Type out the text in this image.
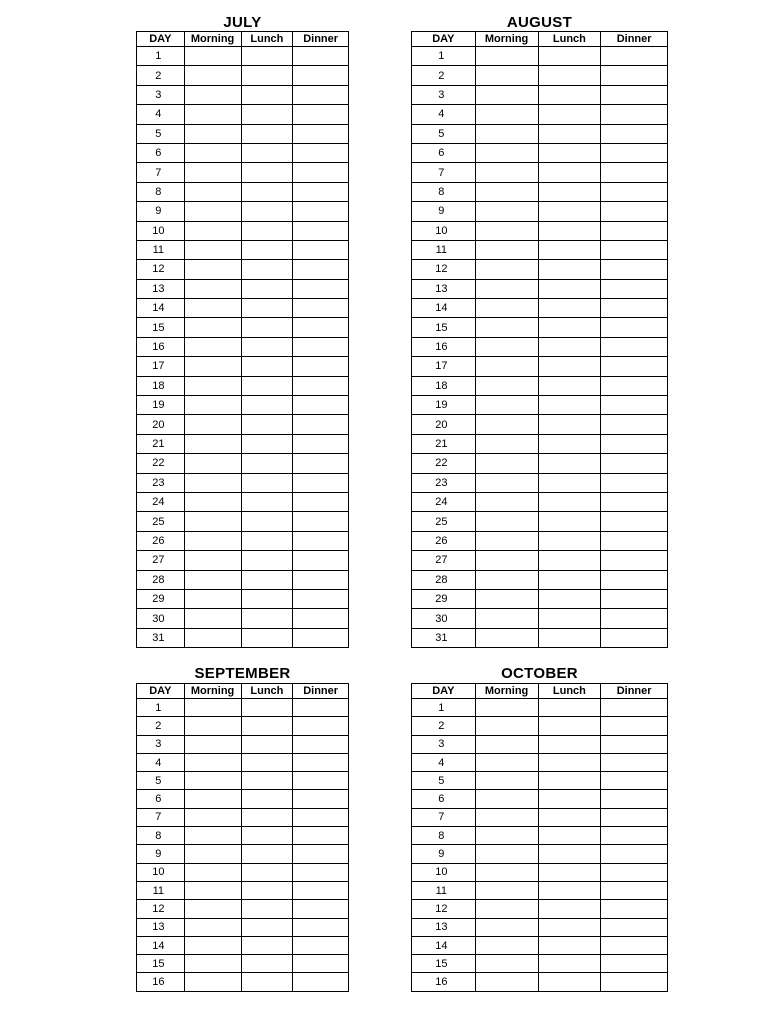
JULY
DAY	Morning	Lunch	Dinner
1			
2			
3			
4			
5			
6			
7			
8			
9			
10			
11			
12			
13			
14			
15			
16			
17			
18			
19			
20			
21			
22			
23			
24			
25			
26			
27			
28			
29			
30			
31			
AUGUST
DAY	Morning	Lunch	Dinner
1			
2			
3			
4			
5			
6			
7			
8			
9			
10			
11			
12			
13			
14			
15			
16			
17			
18			
19			
20			
21			
22			
23			
24			
25			
26			
27			
28			
29			
30			
31			
SEPTEMBER
DAY	Morning	Lunch	Dinner
1			
2			
3			
4			
5			
6			
7			
8			
9			
10			
11			
12			
13			
14			
15			
16			
OCTOBER
DAY	Morning	Lunch	Dinner
1			
2			
3			
4			
5			
6			
7			
8			
9			
10			
11			
12			
13			
14			
15			
16			
